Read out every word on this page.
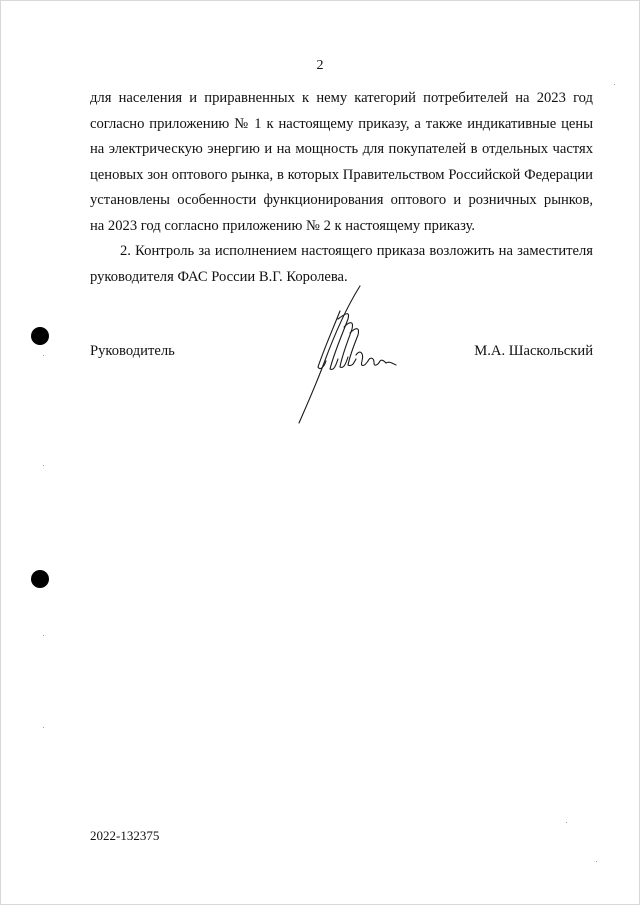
2
для населения и приравненных к нему категорий потребителей на 2023 год
согласно приложению № 1 к настоящему приказу, а также индикативные цены
на электрическую энергию и на мощность для покупателей в отдельных частях
ценовых зон оптового рынка, в которых Правительством Российской Федерации
установлены особенности функционирования оптового и розничных рынков,
на 2023 год согласно приложению № 2 к настоящему приказу.
2. Контроль за исполнением настоящего приказа возложить на заместителя
руководителя ФАС России В.Г. Королева.
Руководитель	М.А. Шаскольский
2022-132375
